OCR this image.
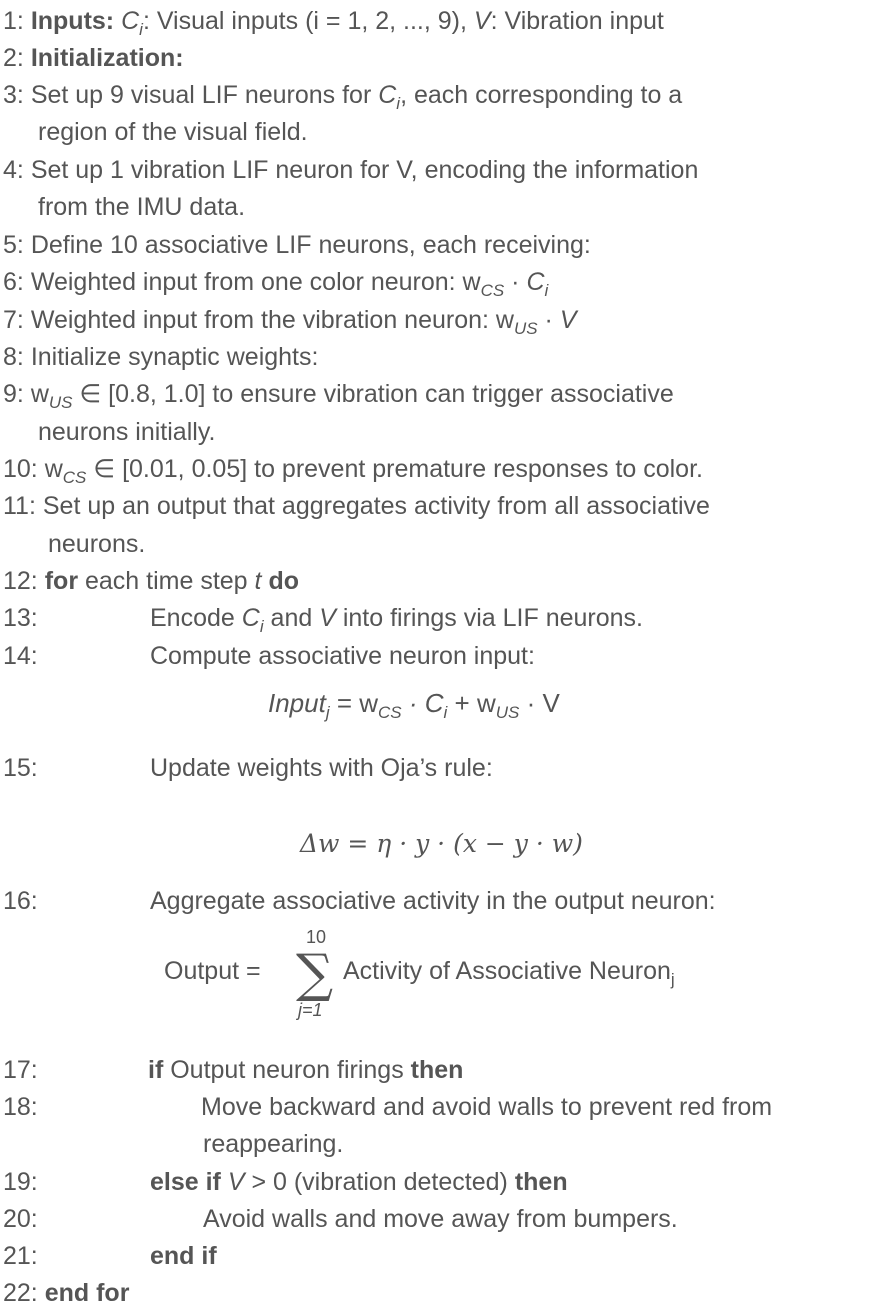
1: Inputs: $C_i$: Visual inputs (i = 1, 2, ..., 9), V: Vibration input
2: Initialization:
3: Set up 9 visual LIF neurons for $C_i$, each corresponding to a
region of the visual field.
4: Set up 1 vibration LIF neuron for V, encoding the information
from the IMU data.
5: Define 10 associative LIF neurons, each receiving:
6: Weighted input from one color neuron: $w_{CS} \cdot C_i$
7: Weighted input from the vibration neuron: $w_{US} \cdot V$
8: Initialize synaptic weights:
9: $w_{US}$ ∈ [0.8, 1.0] to ensure vibration can trigger associative
neurons initially.
10: $w_{CS}$ ∈ [0.01, 0.05] to prevent premature responses to color.
11: Set up an output that aggregates activity from all associative
neurons.
12: for each time step t do
13:	Encode $C_i$ and V into firings via LIF neurons.
14:	Compute associative neuron input:
Input$_j$ = $w_{CS} \cdot C_i + w_{US} \cdot V$
15:	Update weights with Oja’s rule:
Δw = η · y · (x − y · w)
16:	Aggregate associative activity in the output neuron:
Output =
10
∑
j=1
Activity of Associative Neuron$_j$
17:	if Output neuron firings then
18:	Move backward and avoid walls to prevent red from
reappearing.
19:	else if V > 0 (vibration detected) then
20:	Avoid walls and move away from bumpers.
21:	end if
22: end for
